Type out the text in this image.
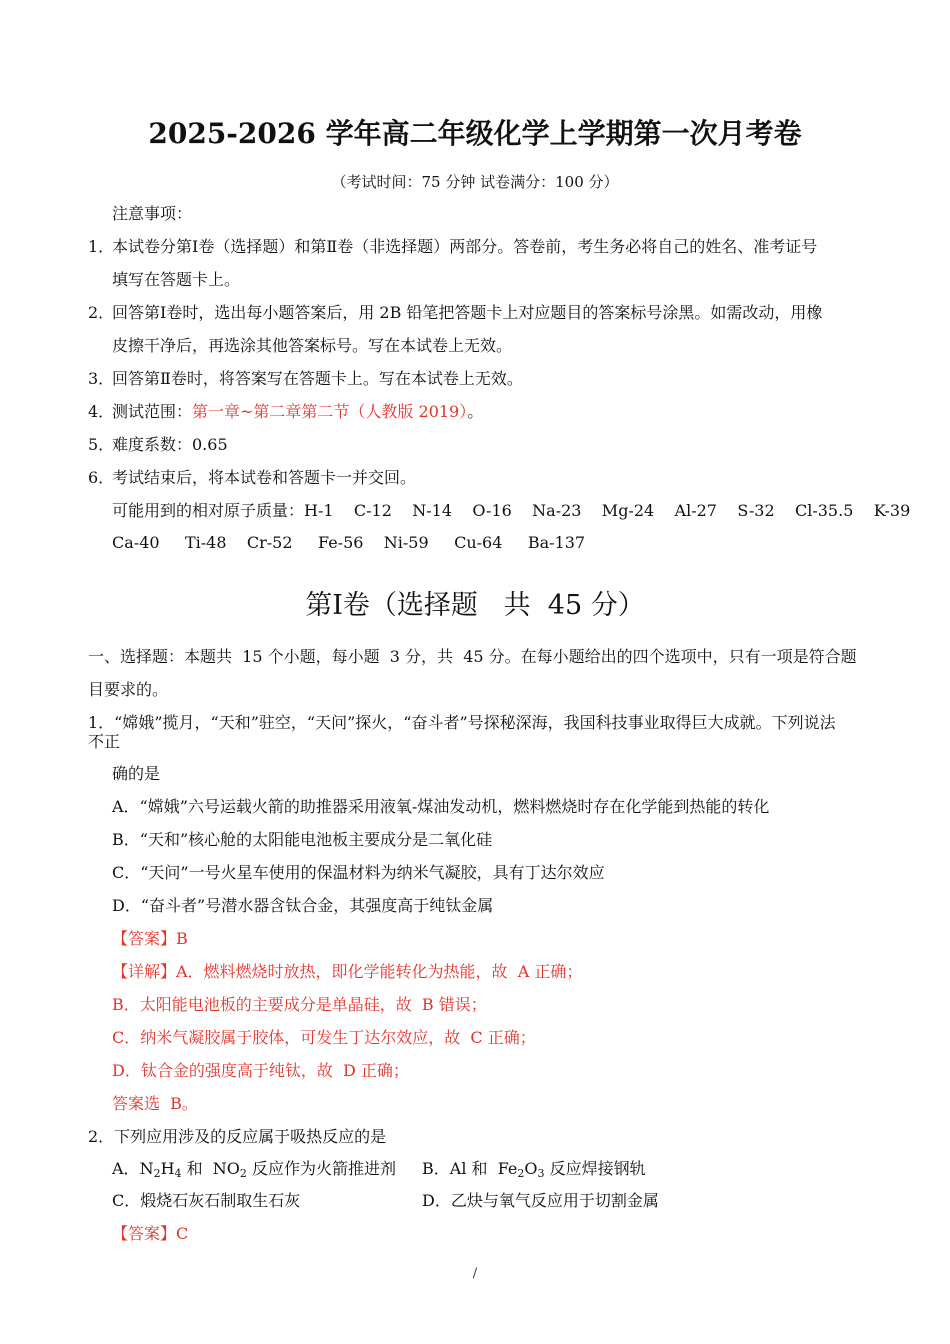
2025-2026 学年高二年级化学上学期第一次月考卷
（考试时间：75 分钟 试卷满分：100 分）
注意事项：
1．
本试卷分第Ⅰ卷（选择题）和第Ⅱ卷（非选择题）两部分。答卷前，考生务必将自己的姓名、准考证号
填写在答题卡上。
2．
回答第Ⅰ卷时，选出每小题答案后，用 2B 铅笔把答题卡上对应题目的答案标号涂黑。如需改动，用橡
皮擦干净后，再选涂其他答案标号。写在本试卷上无效。
3．
回答第Ⅱ卷时，将答案写在答题卡上。写在本试卷上无效。
4．
测试范围：第一章~第二章第二节（人教版 2019）。
5．
难度系数：0.65
6．
考试结束后，将本试卷和答题卡一并交回。
可能用到的相对原子质量：H-1    C-12    N-14    O-16    Na-23    Mg-24    Al-27    S-32    Cl-35.5    K-39
Ca-40     Ti-48    Cr-52     Fe-56    Ni-59     Cu-64     Ba-137
第Ⅰ卷（选择题   共  45 分）
一、选择题：本题共  15 个小题，每小题  3 分，共  45 分。在每小题给出的四个选项中，只有一项是符合题
目要求的。
1．“嫦娥”揽月，“天和”驻空，“天问”探火，“奋斗者”号探秘深海，我国科技事业取得巨大成就。下列说法
不正
确的是
A．“嫦娥”六号运载火箭的助推器采用液氧-煤油发动机，燃料燃烧时存在化学能到热能的转化
B．“天和”核心舱的太阳能电池板主要成分是二氧化硅
C．“天问”一号火星车使用的保温材料为纳米气凝胶，具有丁达尔效应
D．“奋斗者”号潜水器含钛合金，其强度高于纯钛金属
【答案】B
【详解】A．燃料燃烧时放热，即化学能转化为热能，故  A 正确；
B．太阳能电池板的主要成分是单晶硅，故  B 错误；
C．纳米气凝胶属于胶体，可发生丁达尔效应，故  C 正确；
D．钛合金的强度高于纯钛，故  D 正确；
答案选  B。
2．下列应用涉及的反应属于吸热反应的是
A．$N_2H_4$ 和  $NO_2$ 反应作为火箭推进剂 B．Al 和  $Fe_2O_3$ 反应焊接钢轨
C．煅烧石灰石制取生石灰	D．乙炔与氧气反应用于切割金属
【答案】C
/
